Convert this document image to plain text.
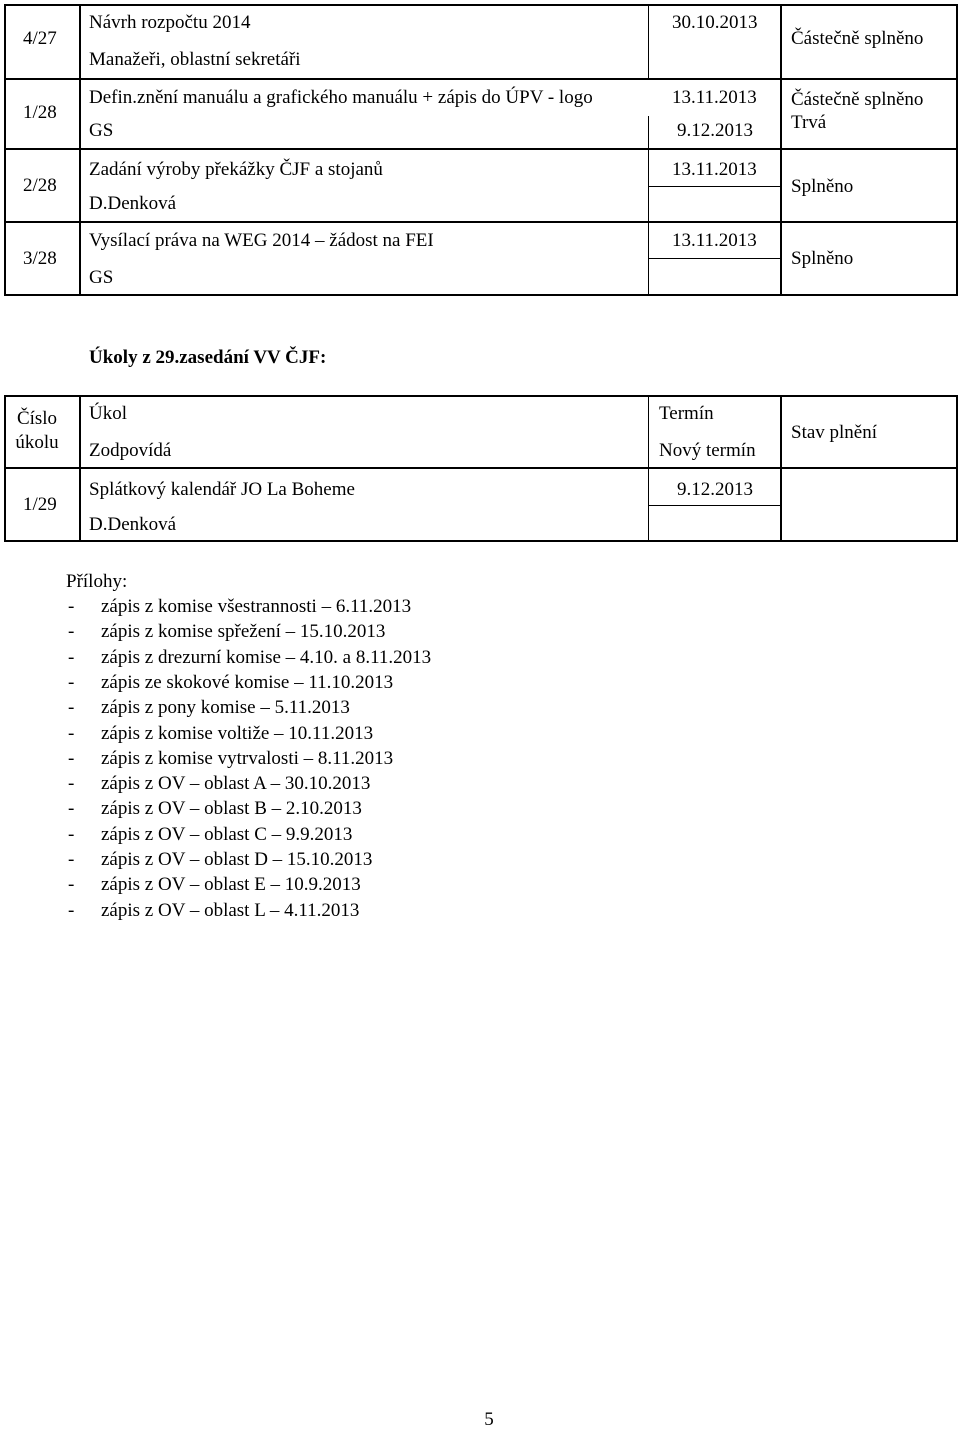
4/27
Návrh rozpočtu 2014
Manažeři, oblastní sekretáři
30.10.2013
Částečně splněno
1/28
Defin.znění manuálu a grafického manuálu + zápis do ÚPV - logo
GS
13.11.2013
9.12.2013
Částečně splněno
Trvá
2/28
Zadání výroby překážky ČJF a stojanů
D.Denková
13.11.2013
Splněno
3/28
Vysílací práva na WEG 2014 – žádost na FEI
GS
13.11.2013
Splněno
Úkoly z 29.zasedání VV ČJF:
Číslo
úkolu
Úkol
Zodpovídá
Termín
Nový termín
Stav plnění
1/29
Splátkový kalendář JO La Boheme
D.Denková
9.12.2013
Přílohy:
- zápis z komise všestrannosti – 6.11.2013
- zápis z komise spřežení – 15.10.2013
- zápis z drezurní komise – 4.10. a 8.11.2013
- zápis ze skokové komise – 11.10.2013
- zápis z pony komise – 5.11.2013
- zápis z komise voltiže – 10.11.2013
- zápis z komise vytrvalosti – 8.11.2013
- zápis z OV – oblast A – 30.10.2013
- zápis z OV – oblast B – 2.10.2013
- zápis z OV – oblast C – 9.9.2013
- zápis z OV – oblast D – 15.10.2013
- zápis z OV – oblast E – 10.9.2013
- zápis z OV – oblast L – 4.11.2013
5
